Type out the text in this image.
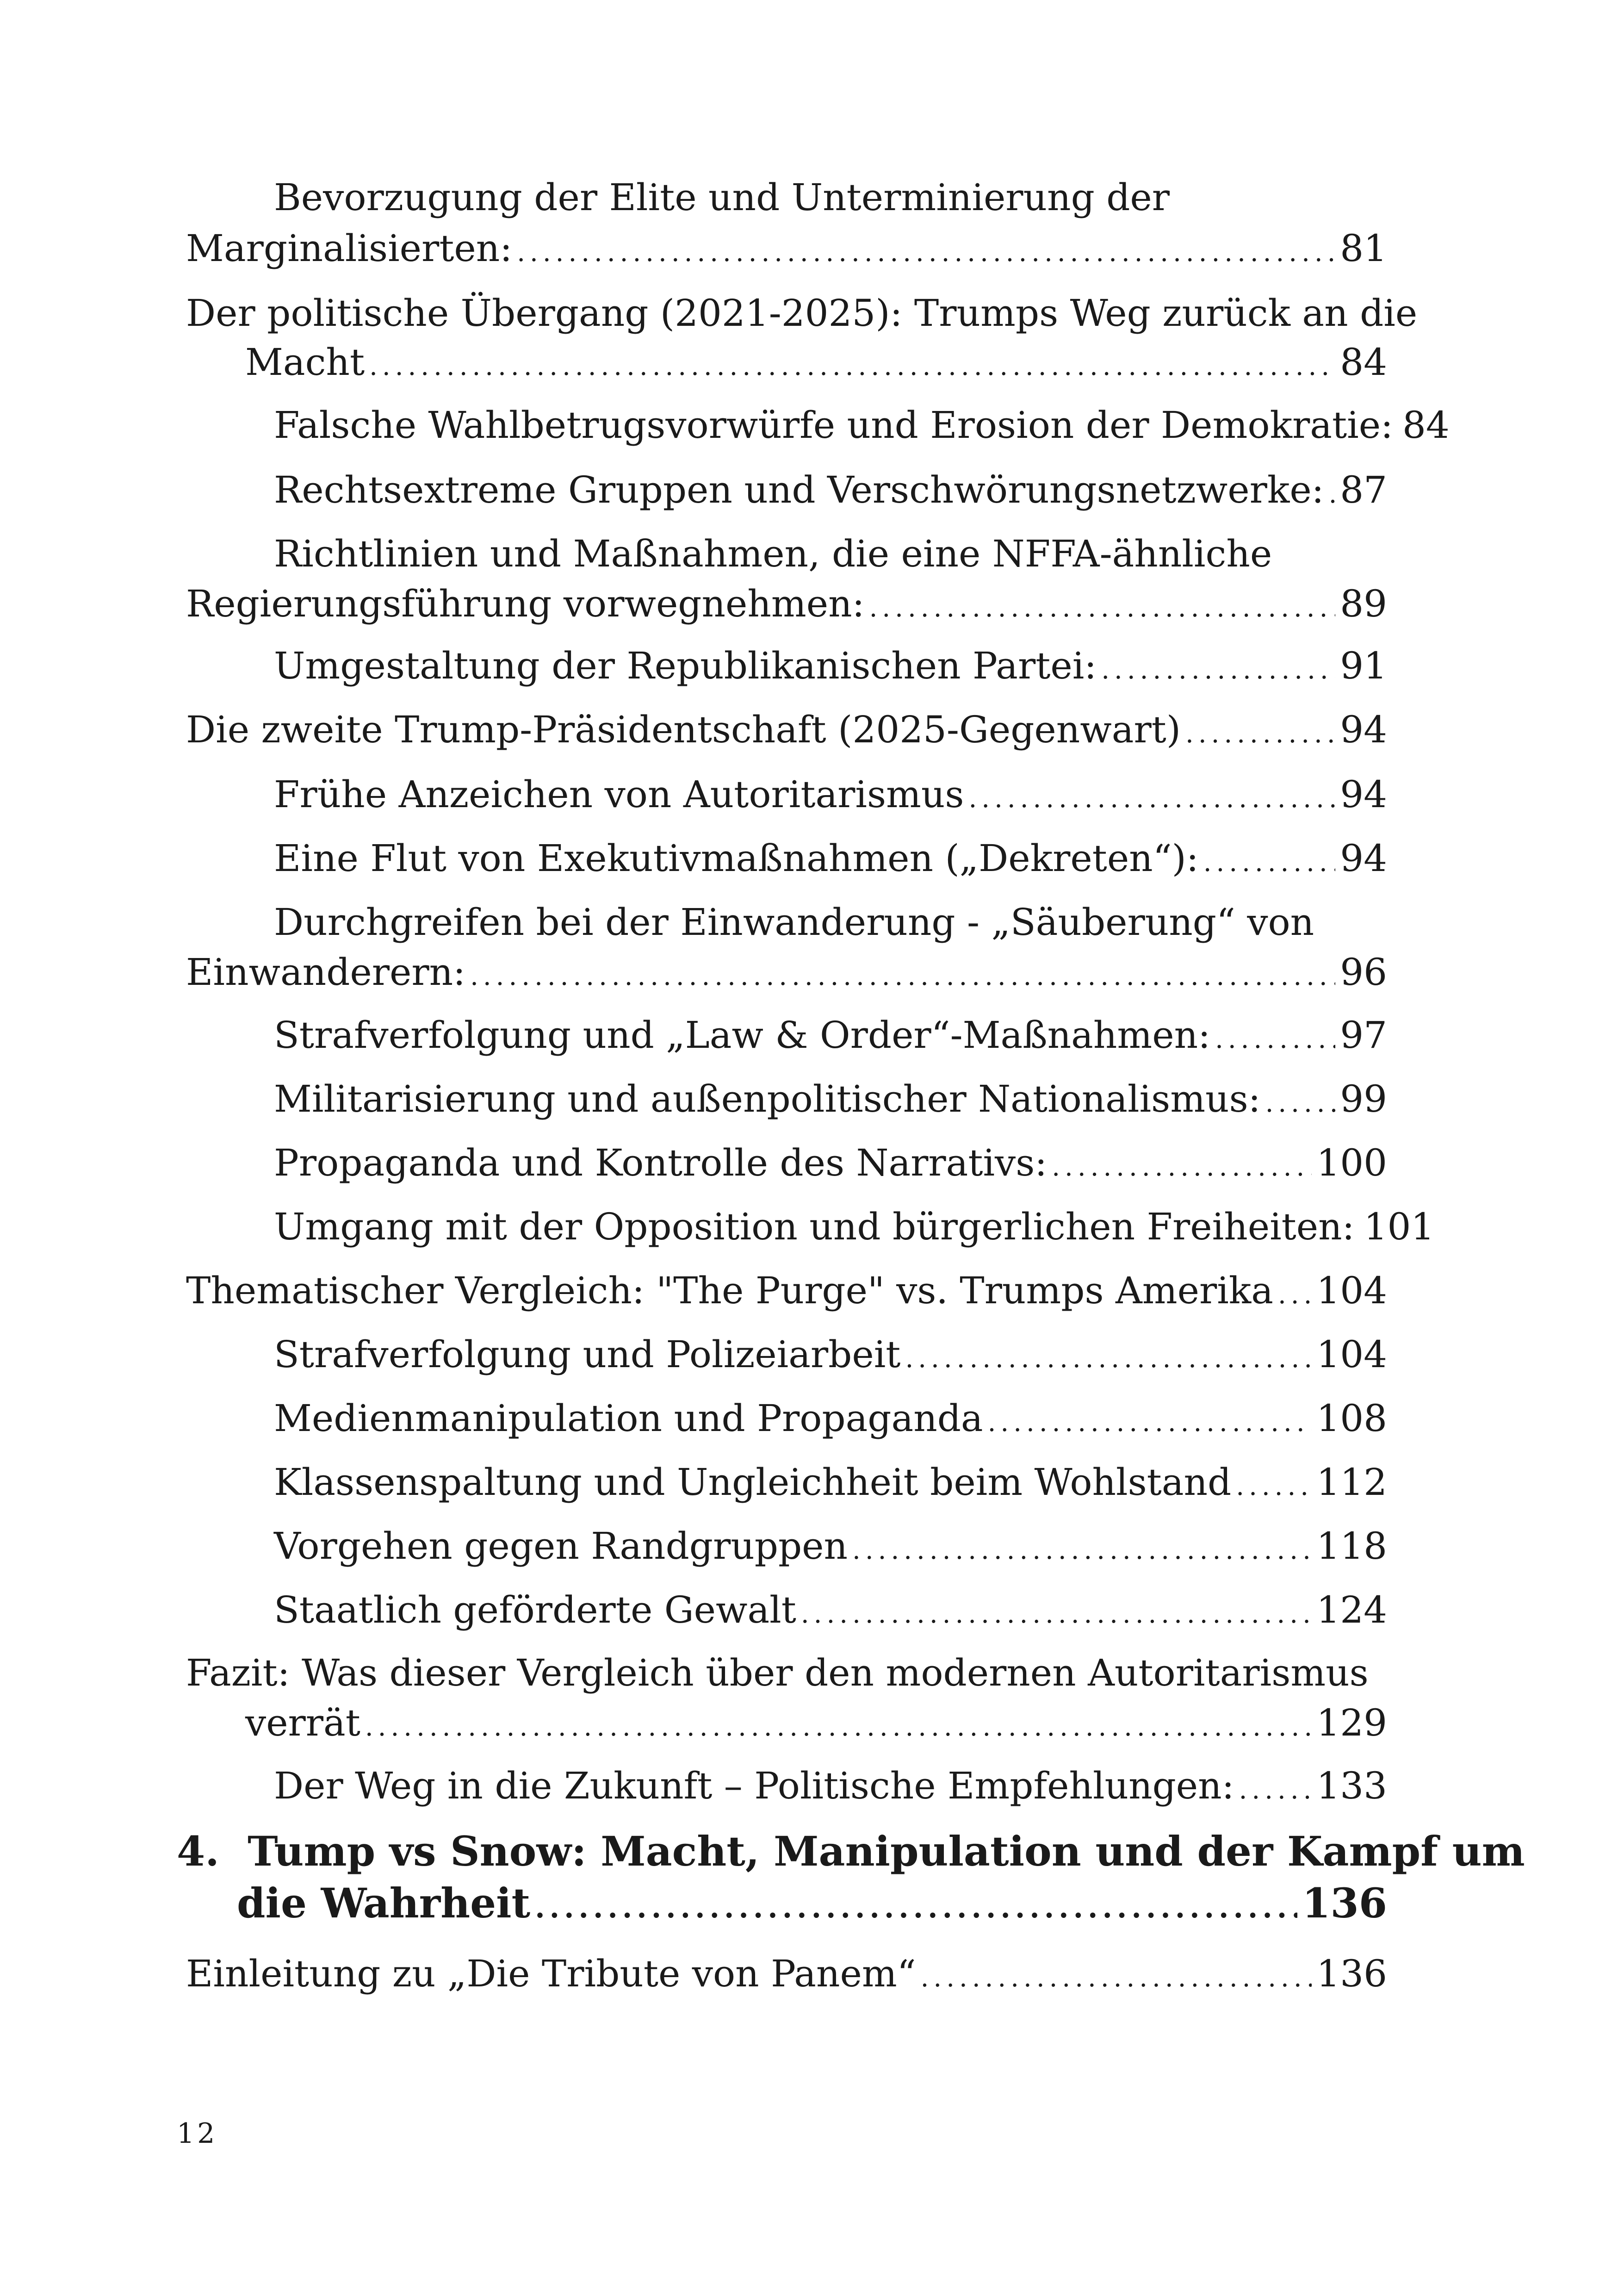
Bevorzugung der Elite und Unterminierung der
Marginalisierten: .....	81
Der politische Übergang (2021-2025): Trumps Weg zurück an die
Macht .....	84
Falsche Wahlbetrugsvorwürfe und Erosion der Demokratie: 84
Rechtsextreme Gruppen und Verschwörungsnetzwerke: ..... 87
Richtlinien und Maßnahmen, die eine NFFA-ähnliche
Regierungsführung vorwegnehmen: .....	89
Umgestaltung der Republikanischen Partei: .....	91
Die zweite Trump-Präsidentschaft (2025-Gegenwart) .....	94
Frühe Anzeichen von Autoritarismus .....	94
Eine Flut von Exekutivmaßnahmen („Dekreten“): .....	94
Durchgreifen bei der Einwanderung - „Säuberung“ von
Einwanderern: .....	96
Strafverfolgung und „Law & Order“-Maßnahmen: .....	97
Militarisierung und außenpolitischer Nationalismus: ..... 99
Propaganda und Kontrolle des Narrativs: .....	100
Umgang mit der Opposition und bürgerlichen Freiheiten: 101
Thematischer Vergleich: "The Purge" vs. Trumps Amerika ..... 104
Strafverfolgung und Polizeiarbeit .....	104
Medienmanipulation und Propaganda .....	108
Klassenspaltung und Ungleichheit beim Wohlstand ..... 112
Vorgehen gegen Randgruppen .....	118
Staatlich geförderte Gewalt .....	124
Fazit: Was dieser Vergleich über den modernen Autoritarismus
verrät .....	129
Der Weg in die Zukunft – Politische Empfehlungen: ..... 133
4.  Tump vs Snow: Macht, Manipulation und der Kampf um
die Wahrheit .....	136
Einleitung zu „Die Tribute von Panem“ .....	136
12
